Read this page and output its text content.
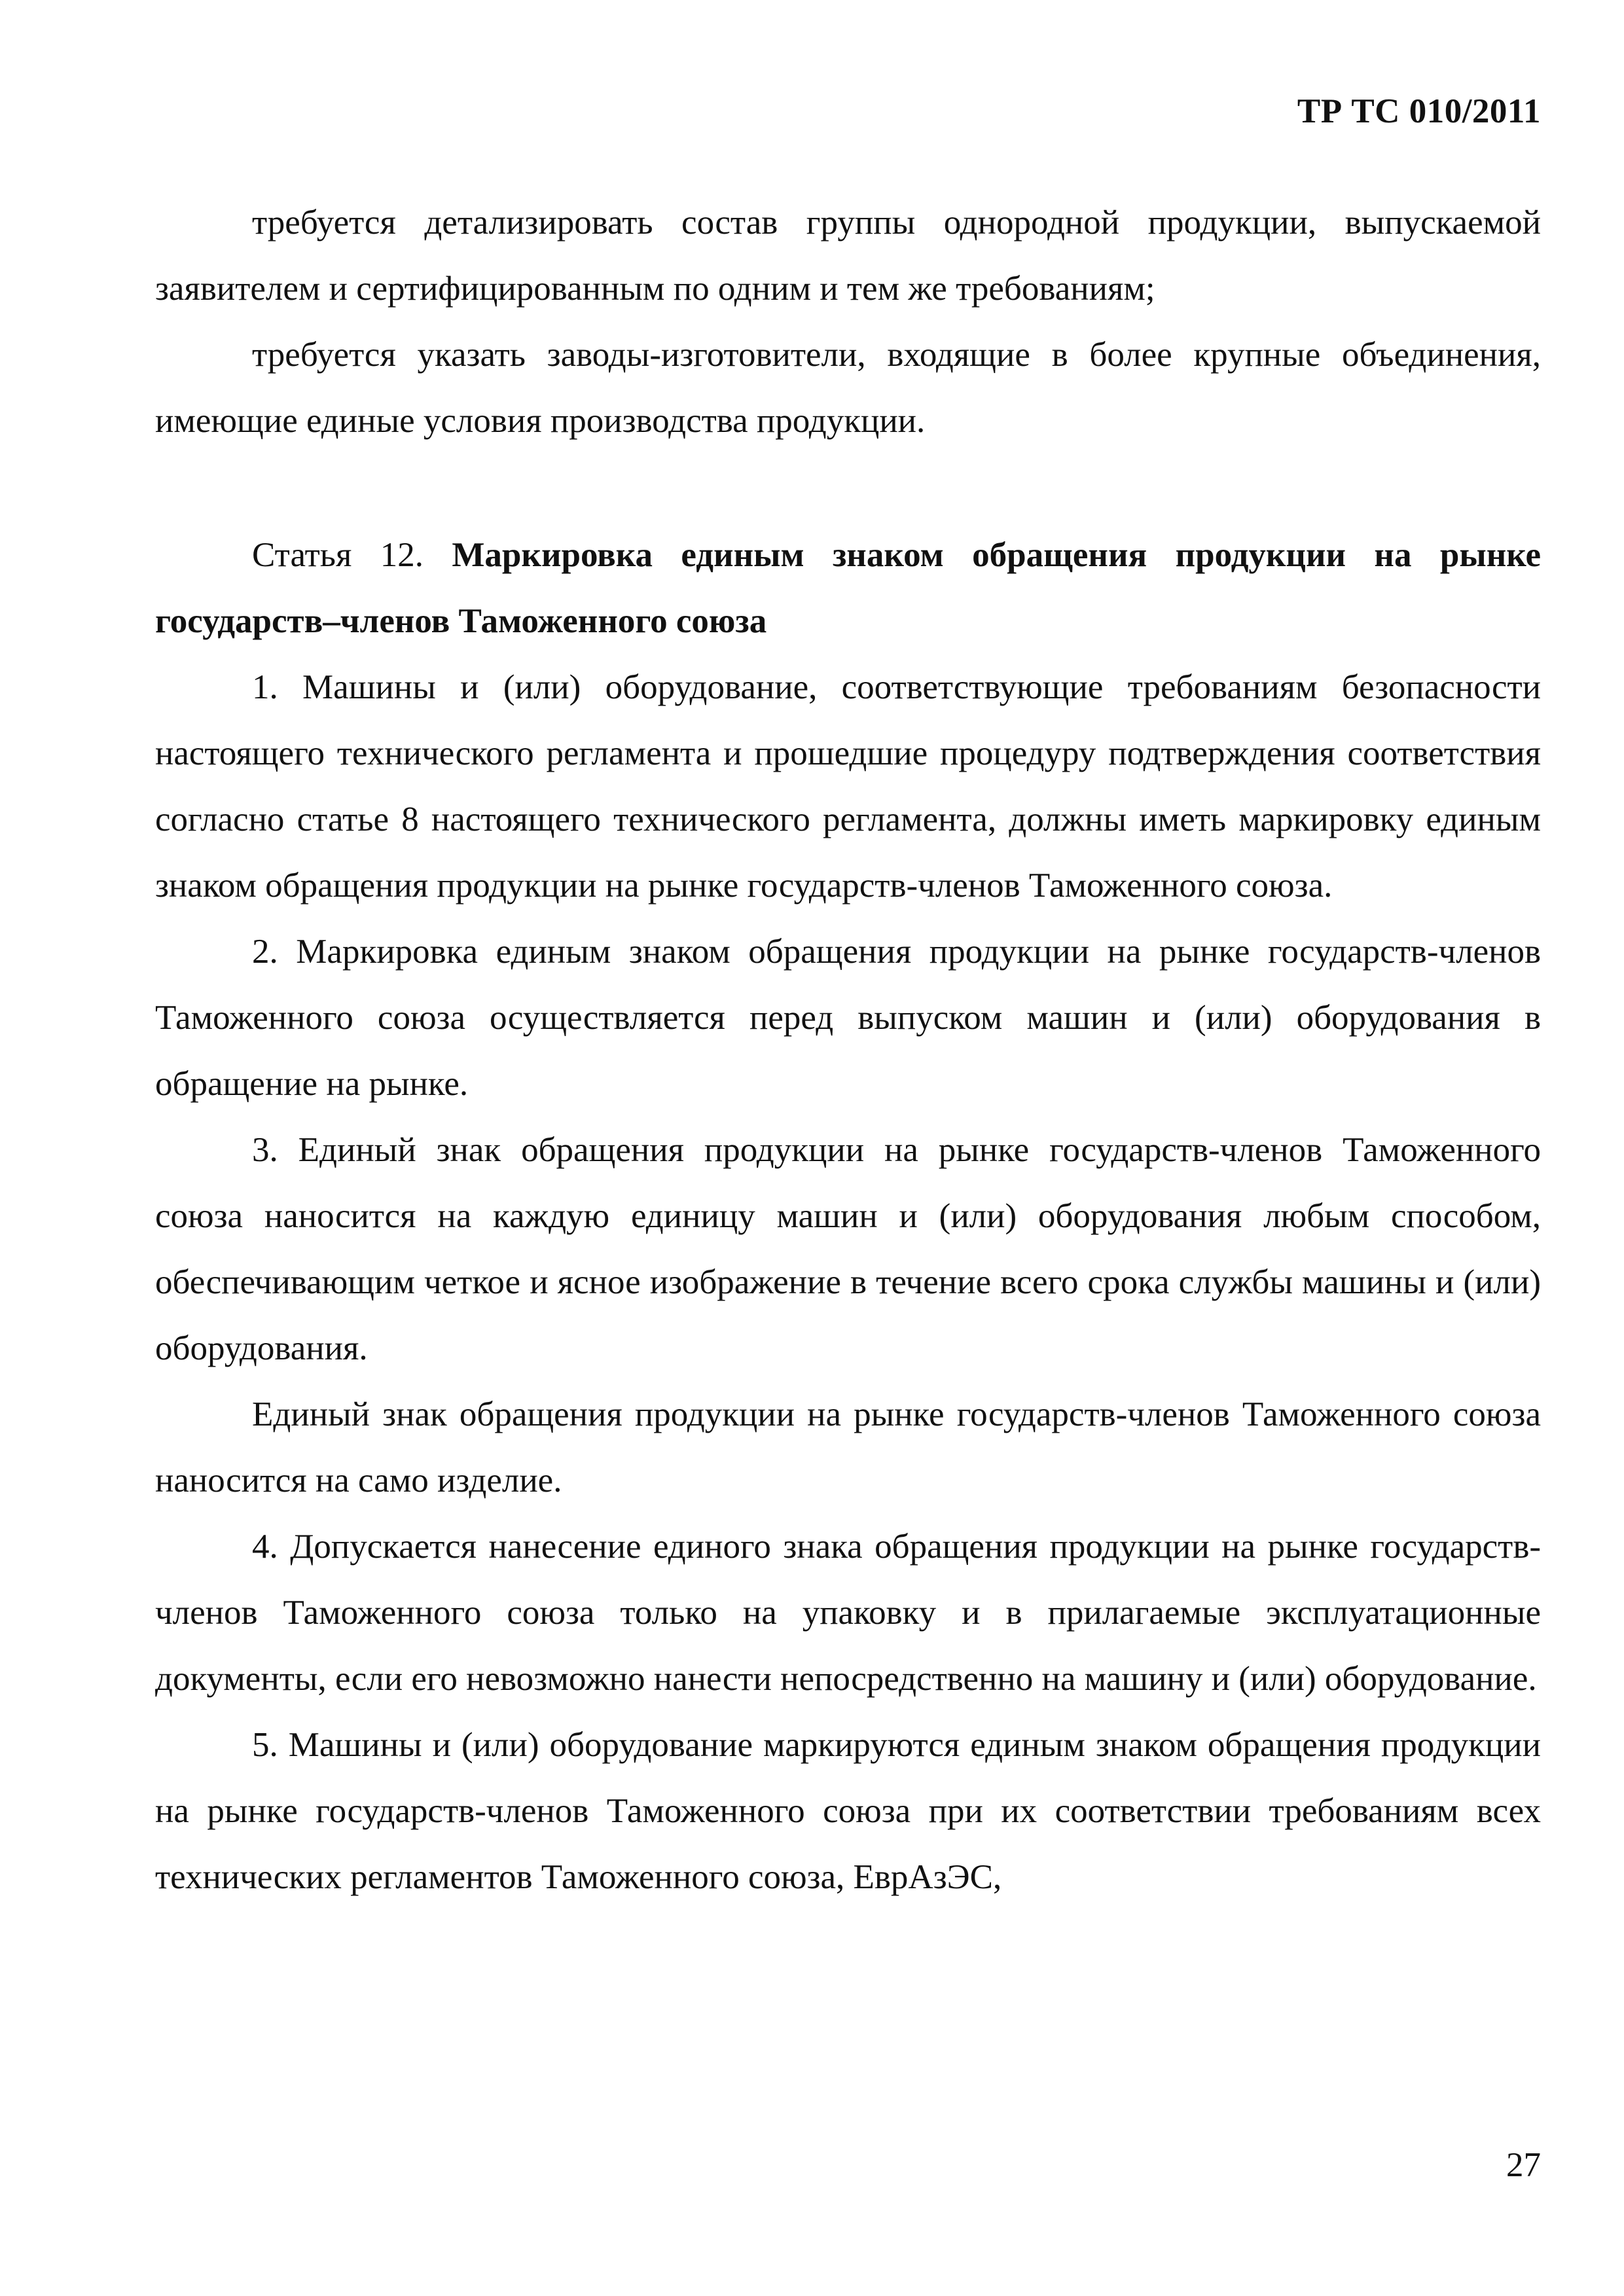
ТР ТС 010/2011

требуется детализировать состав группы однородной продукции, выпускаемой заявителем и сертифицированным по одним и тем же требованиям;

требуется указать заводы-изготовители, входящие в более крупные объединения, имеющие единые условия производства продукции.

Статья 12. Маркировка единым знаком обращения продукции на рынке государств–членов Таможенного союза

1. Машины и (или) оборудование, соответствующие требованиям безопасности настоящего технического регламента и прошедшие процедуру подтверждения соответствия согласно статье 8 настоящего технического регламента, должны иметь маркировку единым знаком обращения продукции на рынке государств-членов Таможенного союза.

2. Маркировка единым знаком обращения продукции на рынке государств-членов Таможенного союза осуществляется перед выпуском машин и (или) оборудования в обращение на рынке.

3. Единый знак обращения продукции на рынке государств-членов Таможенного союза наносится на каждую единицу машин и (или) оборудования любым способом, обеспечивающим четкое и ясное изображение в течение всего срока службы машины и (или) оборудования.

Единый знак обращения продукции на рынке государств-членов Таможенного союза наносится на само изделие.

4. Допускается нанесение единого знака обращения продукции на рынке государств-членов Таможенного союза только на упаковку и в прилагаемые эксплуатационные документы, если его невозможно нанести непосредственно на машину и (или) оборудование.

5. Машины и (или) оборудование маркируются единым знаком обращения продукции на рынке государств-членов Таможенного союза при их соответствии требованиям всех технических регламентов Таможенного союза, ЕврАзЭС,

27
